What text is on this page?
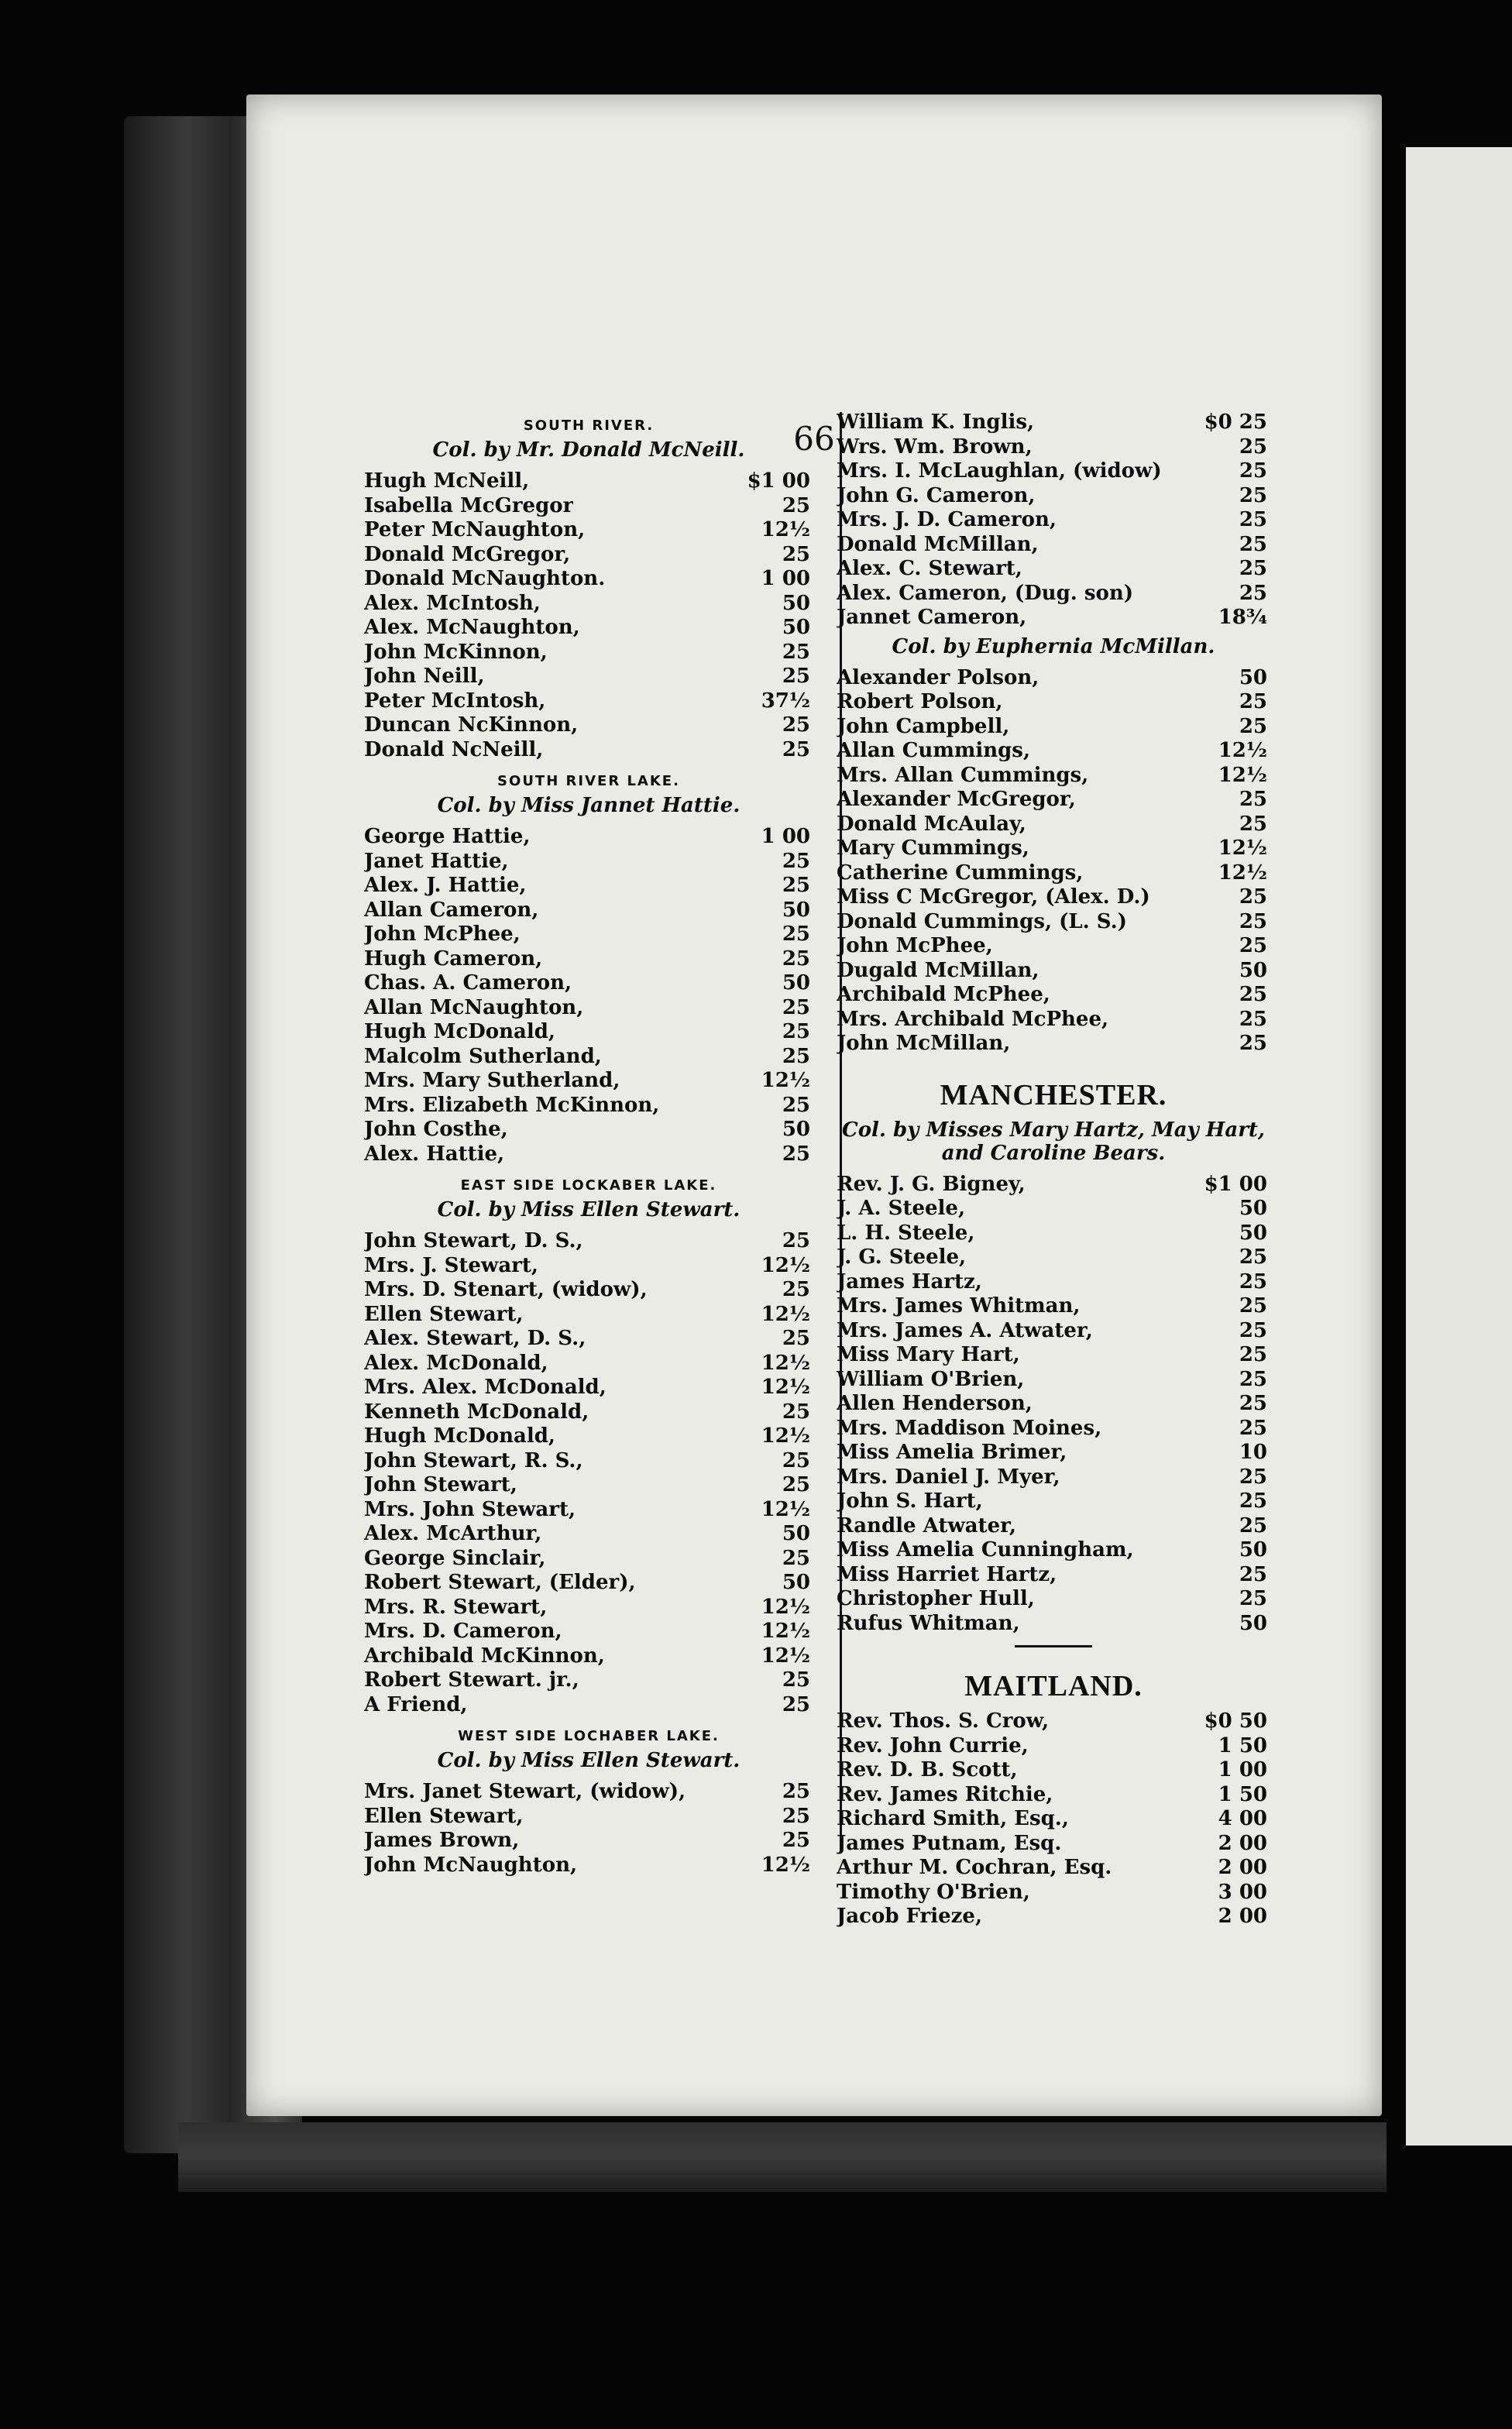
66
SOUTH RIVER.
Col. by Mr. Donald McNeill.
Hugh McNeill,	$1 00
Isabella McGregor	25
Peter McNaughton,	12½
Donald McGregor,	25
Donald McNaughton.	1 00
Alex. McIntosh,	50
Alex. McNaughton,	50
John McKinnon,	25
John Neill,	25
Peter McIntosh,	37½
Duncan NcKinnon,	25
Donald NcNeill,	25
SOUTH RIVER LAKE.
Col. by Miss Jannet Hattie.
George Hattie,	1 00
Janet Hattie,	25
Alex. J. Hattie,	25
Allan Cameron,	50
John McPhee,	25
Hugh Cameron,	25
Chas. A. Cameron,	50
Allan McNaughton,	25
Hugh McDonald,	25
Malcolm Sutherland,	25
Mrs. Mary Sutherland,	12½
Mrs. Elizabeth McKinnon,	25
John Costhe,	50
Alex. Hattie,	25
EAST SIDE LOCKABER LAKE.
Col. by Miss Ellen Stewart.
John Stewart, D. S.,	25
Mrs. J. Stewart,	12½
Mrs. D. Stenart, (widow),	25
Ellen Stewart,	12½
Alex. Stewart, D. S.,	25
Alex. McDonald,	12½
Mrs. Alex. McDonald,	12½
Kenneth McDonald,	25
Hugh McDonald,	12½
John Stewart, R. S.,	25
John Stewart,	25
Mrs. John Stewart,	12½
Alex. McArthur,	50
George Sinclair,	25
Robert Stewart, (Elder),	50
Mrs. R. Stewart,	12½
Mrs. D. Cameron,	12½
Archibald McKinnon,	12½
Robert Stewart. jr.,	25
A Friend,	25
WEST SIDE LOCHABER LAKE.
Col. by Miss Ellen Stewart.
Mrs. Janet Stewart, (widow),	25
Ellen Stewart,	25
James Brown,	25
John McNaughton,	12½
William K. Inglis,	$0 25
Wrs. Wm. Brown,	25
Mrs. I. McLaughlan, (widow)	25
John G. Cameron,	25
Mrs. J. D. Cameron,	25
Donald McMillan,	25
Alex. C. Stewart,	25
Alex. Cameron, (Dug. son)	25
Jannet Cameron,	18¾
Col. by Euphernia McMillan.
Alexander Polson,	50
Robert Polson,	25
John Campbell,	25
Allan Cummings,	12½
Mrs. Allan Cummings,	12½
Alexander McGregor,	25
Donald McAulay,	25
Mary Cummings,	12½
Catherine Cummings,	12½
Miss C McGregor, (Alex. D.)	25
Donald Cummings, (L. S.)	25
John McPhee,	25
Dugald McMillan,	50
Archibald McPhee,	25
Mrs. Archibald McPhee,	25
John McMillan,	25
MANCHESTER.
Col. by Misses Mary Hartz, May Hart, and Caroline Bears.
Rev. J. G. Bigney,	$1 00
J. A. Steele,	50
L. H. Steele,	50
J. G. Steele,	25
James Hartz,	25
Mrs. James Whitman,	25
Mrs. James A. Atwater,	25
Miss Mary Hart,	25
William O'Brien,	25
Allen Henderson,	25
Mrs. Maddison Moines,	25
Miss Amelia Brimer,	10
Mrs. Daniel J. Myer,	25
John S. Hart,	25
Randle Atwater,	25
Miss Amelia Cunningham,	50
Miss Harriet Hartz,	25
Christopher Hull,	25
Rufus Whitman,	50
MAITLAND.
Rev. Thos. S. Crow,	$0 50
Rev. John Currie,	1 50
Rev. D. B. Scott,	1 00
Rev. James Ritchie,	1 50
Richard Smith, Esq.,	4 00
James Putnam, Esq.	2 00
Arthur M. Cochran, Esq.	2 00
Timothy O'Brien,	3 00
Jacob Frieze,	2 00
